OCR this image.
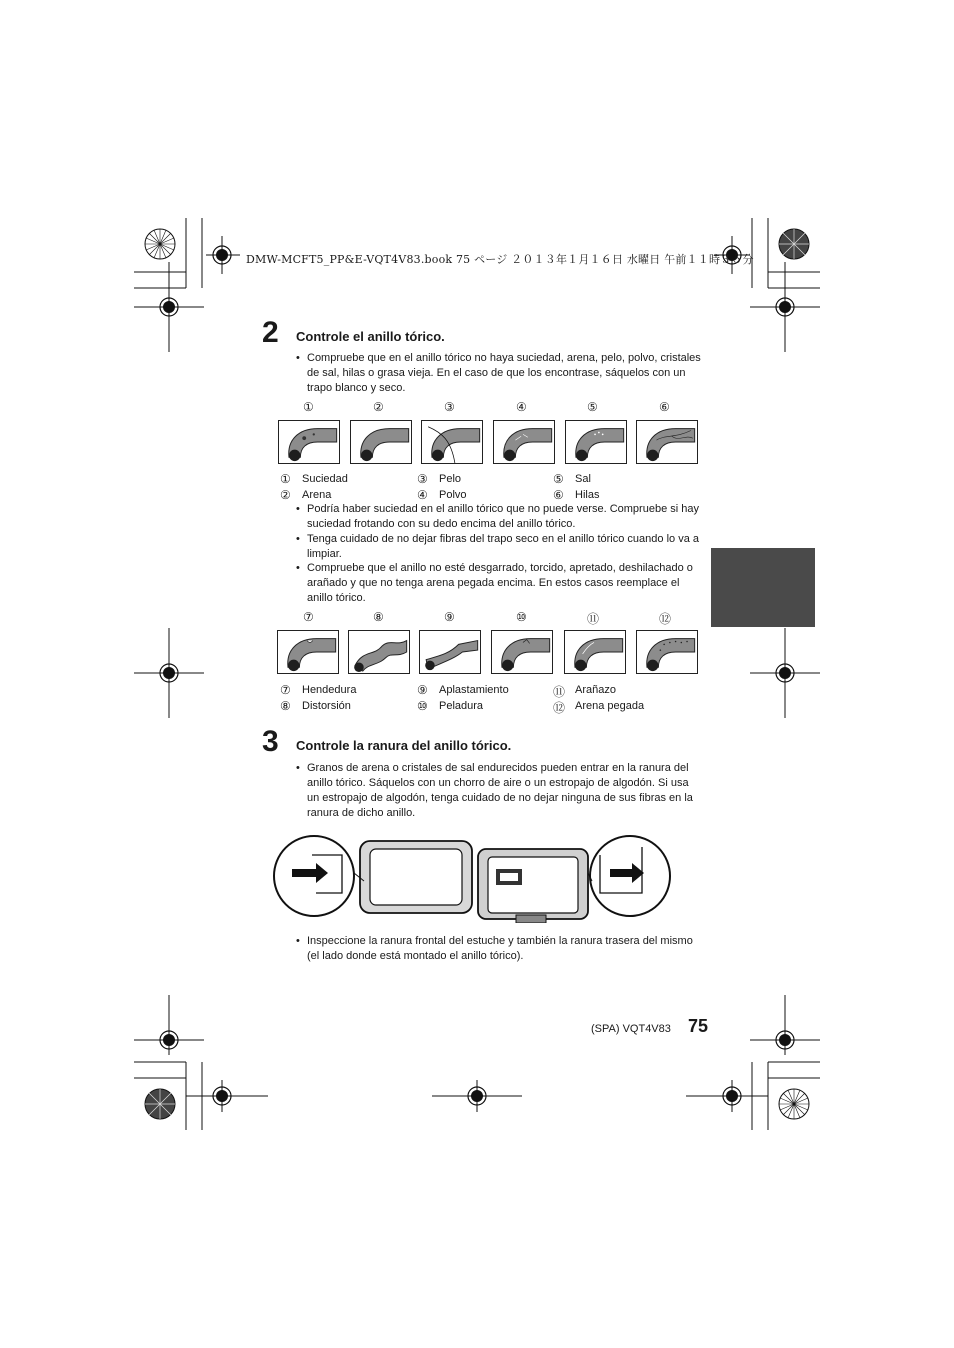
DMW-MCFT5_PP&E-VQT4V83.book 75 ページ ２０１３年１月１６日 水曜日 午前１１時３５分
2 Controle el anillo tórico.
• Compruebe que en el anillo tórico no haya suciedad, arena, pelo, polvo, cristales de sal, hilas o grasa vieja. En el caso de que los encontrase, sáquelos con un trapo blanco y seco.
①	②	③	④	⑤	⑥
① Suciedad
② Arena
③ Pelo
④ Polvo
⑤ Sal
⑥ Hilas
• Podría haber suciedad en el anillo tórico que no puede verse. Compruebe si hay suciedad frotando con su dedo encima del anillo tórico.
• Tenga cuidado de no dejar fibras del trapo seco en el anillo tórico cuando lo va a limpiar.
• Compruebe que el anillo no esté desgarrado, torcido, apretado, deshilachado o arañado y que no tenga arena pegada encima. En estos casos reemplace el anillo tórico.
⑦	⑧	⑨	⑩	⑪	⑫
⑦ Hendedura
⑧ Distorsión
⑨ Aplastamiento
⑩ Peladura
⑪ Arañazo
⑫ Arena pegada
3 Controle la ranura del anillo tórico.
• Granos de arena o cristales de sal endurecidos pueden entrar en la ranura del anillo tórico. Sáquelos con un chorro de aire o un estropajo de algodón. Si usa un estropajo de algodón, tenga cuidado de no dejar ninguna de sus fibras en la ranura de dicho anillo.
• Inspeccione la ranura frontal del estuche y también la ranura trasera del mismo (el lado donde está montado el anillo tórico).
(SPA) VQT4V83 75
